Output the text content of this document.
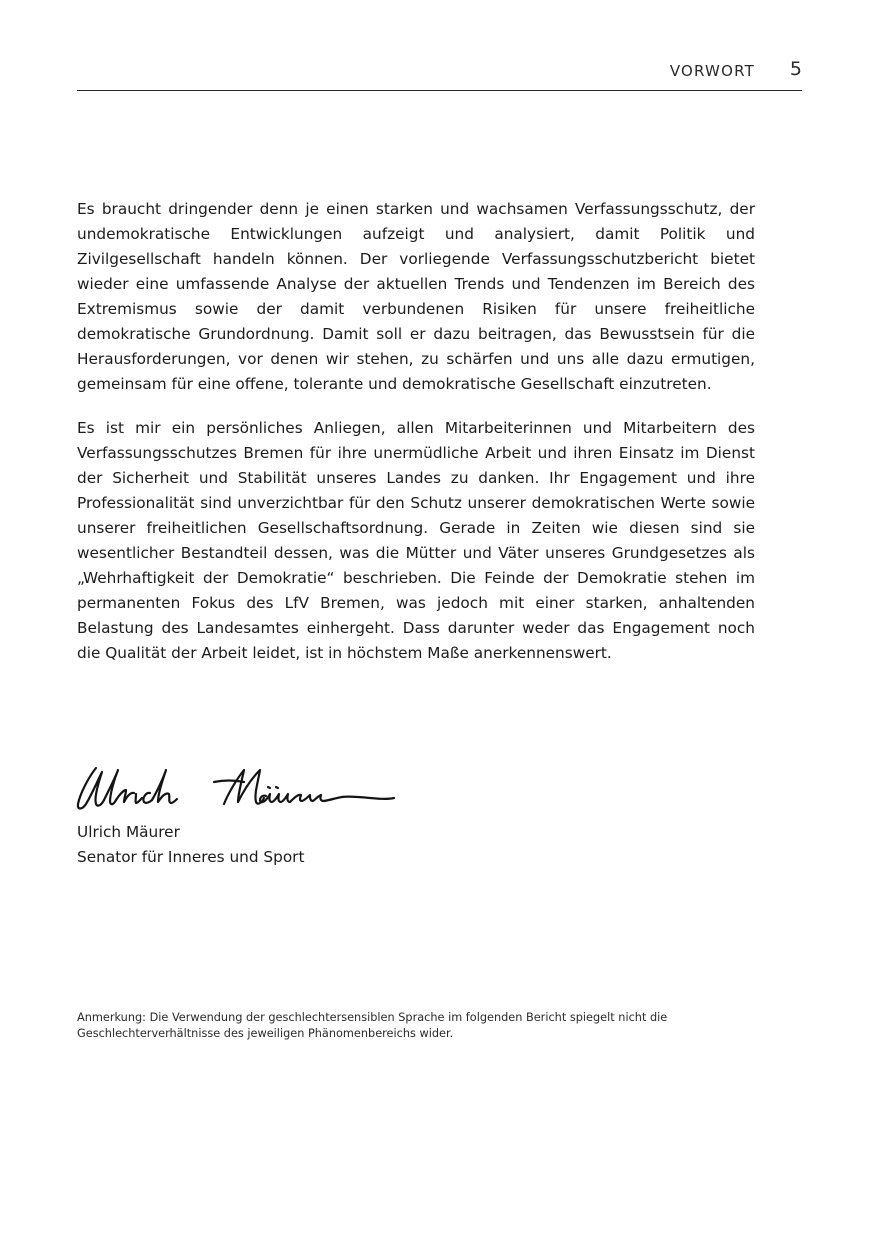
VORWORT 5

Es braucht dringender denn je einen starken und wachsamen Verfassungsschutz, der undemokratische Entwicklungen aufzeigt und analysiert, damit Politik und Zivilgesellschaft handeln können. Der vorliegende Verfassungsschutzbericht bietet wieder eine umfassende Analyse der aktuellen Trends und Tendenzen im Bereich des Extremismus sowie der damit verbundenen Risiken für unsere freiheitliche demokratische Grundordnung. Damit soll er dazu beitragen, das Bewusstsein für die Herausforderungen, vor denen wir stehen, zu schärfen und uns alle dazu ermutigen, gemeinsam für eine offene, tolerante und demokratische Gesellschaft einzutreten.

Es ist mir ein persönliches Anliegen, allen Mitarbeiterinnen und Mitarbeitern des Verfassungsschutzes Bremen für ihre unermüdliche Arbeit und ihren Einsatz im Dienst der Sicherheit und Stabilität unseres Landes zu danken. Ihr Engagement und ihre Professionalität sind unverzichtbar für den Schutz unserer demokratischen Werte sowie unserer freiheitlichen Gesellschaftsordnung. Gerade in Zeiten wie diesen sind sie wesentlicher Bestandteil dessen, was die Mütter und Väter unseres Grundgesetzes als „Wehrhaftigkeit der Demokratie“ beschrieben. Die Feinde der Demokratie stehen im permanenten Fokus des LfV Bremen, was jedoch mit einer starken, anhaltenden Belastung des Landesamtes einhergeht. Dass darunter weder das Engagement noch die Qualität der Arbeit leidet, ist in höchstem Maße anerkennenswert.

Ulrich Mäurer
Senator für Inneres und Sport
Anmerkung: Die Verwendung der geschlechtersensiblen Sprache im folgenden Bericht spiegelt nicht die Geschlechterverhältnisse des jeweiligen Phänomenbereichs wider.
